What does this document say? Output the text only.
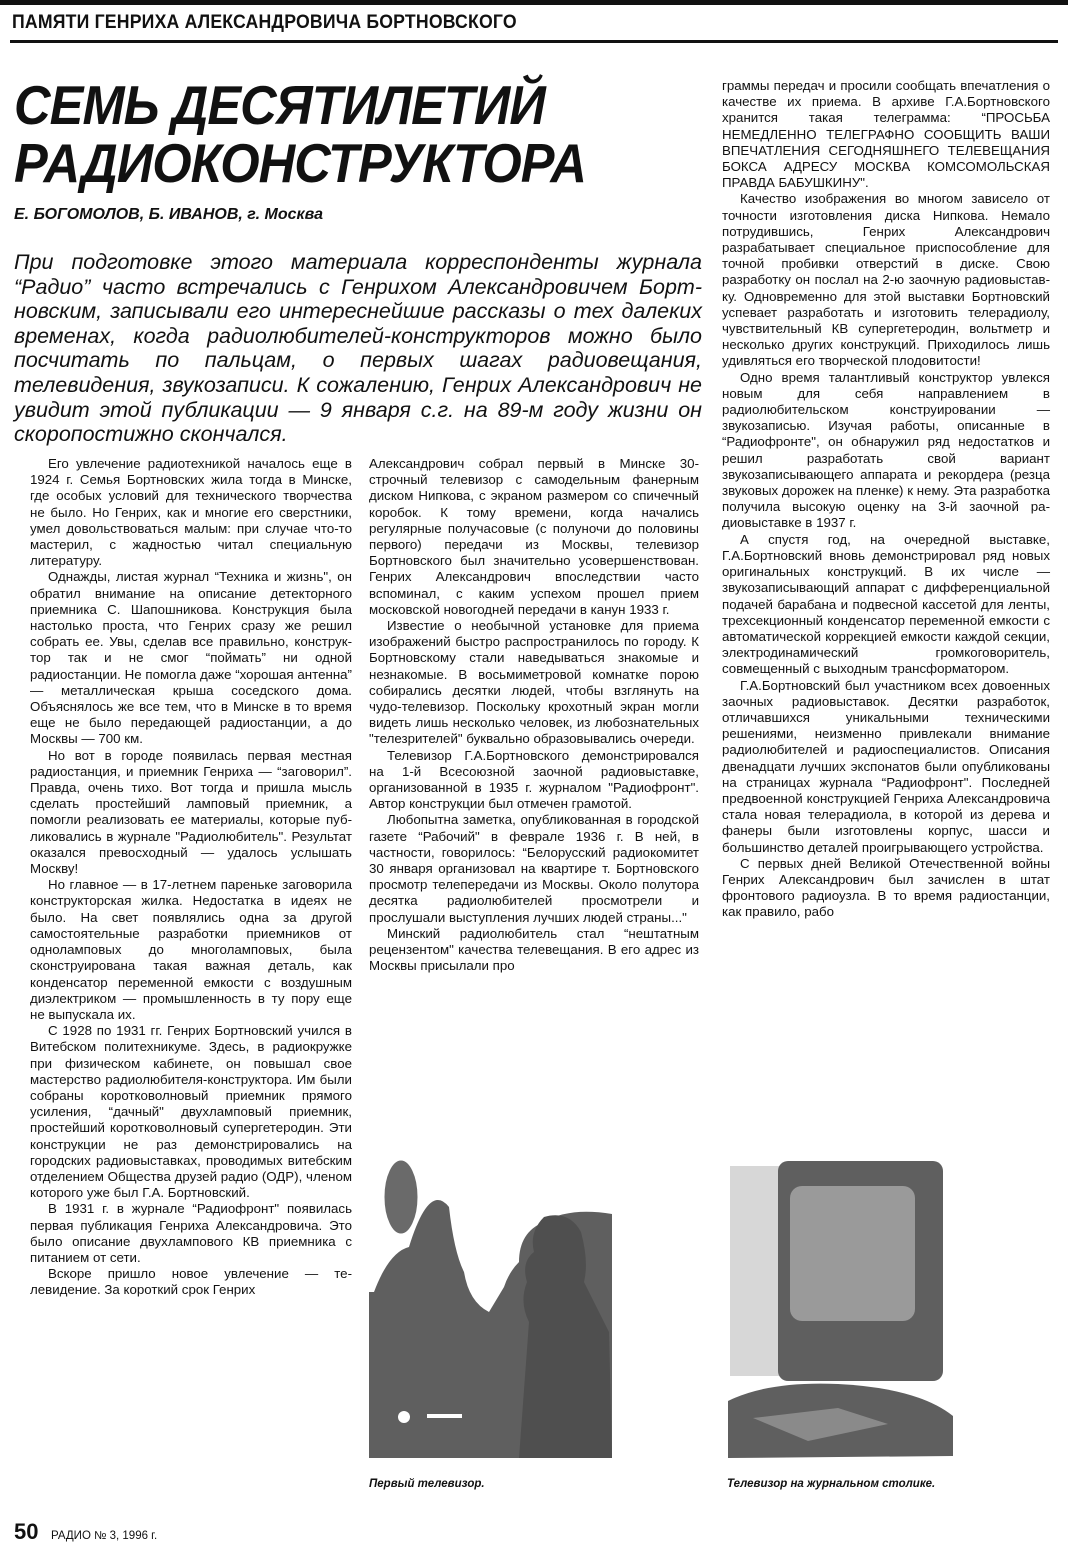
ПАМЯТИ ГЕНРИХА АЛЕКСАНДРОВИЧА БОРТНОВСКОГО
СЕМЬ ДЕСЯТИЛЕТИЙ
РАДИОКОНСТРУКТОРА
Е. БОГОМОЛОВ, Б. ИВАНОВ, г. Москва
При подготовке этого материала корреспонденты журнала “Радио” часто встречались с Генрихом Александровичем Бортновским, записывали его интереснейшие рассказы о тех далеких временах, когда радиолюбителей-конструкторов можно было посчитать по пальцам, о первых шагах радиовещания, телевидения, звукозаписи. К сожалению, Генрих Александрович не увидит этой публикации — 9 января с.г. на 89-м году жизни он скоропостижно скончался.

Его увлечение радиотехникой началось еще в 1924 г. Семья Бортновских жила тогда в Минске, где особых условий для технического творчества не было. Но Генрих, как и многие его сверстники, умел довольствоваться малым: при случае что-то мастерил, с жадностью читал специальную литературу.

Однажды, листая журнал “Техника и жизнь", он обратил внимание на описание детекторного приемника С. Шапошникова. Конструкция была настолько проста, что Генрих сразу же решил собрать ее. Увы, сделав все правильно, конструктор так и не смог “поймать” ни одной радиостанции. Не помогла даже “хорошая антенна” — металлическая крыша соседского дома. Объяснялось же все тем, что в Минске в то время еще не было передающей радиостанции, а до Москвы — 700 км.

Но вот в городе появилась первая местная радиостанция, и приемник Генриха — “заговорил”. Правда, очень тихо. Вот тогда и пришла мысль сделать простейший ламповый приемник, а помогли реализовать ее материалы, которые публиковались в журнале "Радиолюбитель". Результат оказался превосходный — удалось услышать Москву!

Но главное — в 17-летнем пареньке заговорила конструкторская жилка. Недостатка в идеях не было. На свет появлялись одна за другой самостоятельные разработки приемников от одноламповых до многоламповых, была сконструирована такая важная деталь, как конденсатор переменной емкости с воздушным диэлектриком — промышленность в ту пору еще не выпускала их.

С 1928 по 1931 гг. Генрих Бортновский учился в Витебском политехникуме. Здесь, в радиокружке при физическом кабинете, он повышал свое мастерство радиолюбителя-конструктора. Им были собраны коротковолновый приемник прямого усиления, “дачный" двухламповый приемник, простейший коротковолновый супергетеродин. Эти конструкции не раз демонстрировались на городских радиовыставках, проводимых витебским отделением Общества друзей радио (ОДР), членом которого уже был Г.А. Бортновский.

В 1931 г. в журнале “Радиофронт" появилась первая публикация Генриха Александровича. Это было описание двухлампового КВ приемника с питанием от сети.

Вскоре пришло новое увлечение — телевидение. За короткий срок Генрих

Александрович собрал первый в Минске 30-строчный телевизор с самодельным фанерным диском Нипкова, с экраном размером со спичечный коробок. К тому времени, когда начались регулярные получасовые (с полуночи до половины первого) передачи из Москвы, телевизор Бортновского был значительно усовершенствован. Генрих Александрович впоследствии часто вспоминал, с каким успехом прошел прием московской новогодней передачи в канун 1933 г.

Известие о необычной установке для приема изображений быстро распространилось по городу. К Бортновскому стали наведываться знакомые и незнакомые. В восьмиметровой комнатке порою собирались десятки людей, чтобы взглянуть на чудо-телевизор. Поскольку крохотный экран могли видеть лишь несколько человек, из любознательных "телезрителей" буквально образовывались очереди.

Телевизор Г.А.Бортновского демонстрировался на 1-й Всесоюзной заочной радиовыставке, организованной в 1935 г. журналом "Радиофронт". Автор конструкции был отмечен грамотой.

Любопытна заметка, опубликованная в городской газете “Рабочий" в феврале 1936 г. В ней, в частности, говорилось: “Белорусский радиокомитет 30 января организовал на квартире т. Бортновского просмотр телепередачи из Москвы. Около полутора десятка радиолюбителей просмотрели и прослушали выступления лучших людей страны..."

Минский радиолюбитель стал “нештатным рецензентом" качества телевещания. В его адрес из Москвы присылали про

граммы передач и просили сообщать впечатления о качестве их приема. В архиве Г.А.Бортновского хранится такая телеграмма: “ПРОСЬБА НЕМЕДЛЕННО ТЕЛЕГРАФНО СООБЩИТЬ ВАШИ ВПЕЧАТЛЕНИЯ СЕГОДНЯШНЕГО ТЕЛЕВЕЩАНИЯ БОКСА АДРЕСУ МОСКВА КОМСОМОЛЬСКАЯ ПРАВДА БАБУШКИНУ".

Качество изображения во многом зависело от точности изготовления диска Нипкова. Немало потрудившись, Генрих Александрович разрабатывает специальное приспособление для точной пробивки отверстий в диске. Свою разработку он послал на 2-ю заочную радиовыставку. Одновременно для этой выставки Бортновский успевает разработать и изготовить телерадиолу, чувствительный КВ супергетеродин, вольтметр и несколько других конструкций. Приходилось лишь удивляться его творческой плодовитости!

Одно время талантливый конструктор увлекся новым для себя направлением в радиолюбительском конструировании — звукозаписью. Изучая работы, описанные в “Радиофронте", он обнаружил ряд недостатков и решил разработать свой вариант звукозаписывающего аппарата и рекордера (резца звуковых дорожек на пленке) к нему. Эта разработка получила высокую оценку на 3-й заочной радиовыставке в 1937 г.

А спустя год, на очередной выставке, Г.А.Бортновский вновь демонстрировал ряд новых оригинальных конструкций. В их числе — звукозаписывающий аппарат с дифференциальной подачей барабана и подвесной кассетой для ленты, трехсекционный конденсатор переменной емкости с автоматической коррекцией емкости каждой секции, электродинамический громкоговоритель, совмещенный с выходным трансформатором.

Г.А.Бортновский был участником всех довоенных заочных радиовыставок. Десятки разработок, отличавшихся уникальными техническими решениями, неизменно привлекали внимание радиолюбителей и радиоспециалистов. Описания двенадцати лучших экспонатов были опубликованы на страницах журнала “Радиофронт". Последней предвоенной конструкцией Генриха Александровича стала новая телерадиола, в которой из дерева и фанеры были изготовлены корпус, шасси и большинство деталей проигрывающего устройства.

С первых дней Великой Отечественной войны Генрих Александрович был зачислен в штат фронтового радиоузла. В то время радиостанции, как правило, рабо

Первый телевизор.	Телевизор на журнальном столике.
50 РАДИО № 3, 1996 г.
